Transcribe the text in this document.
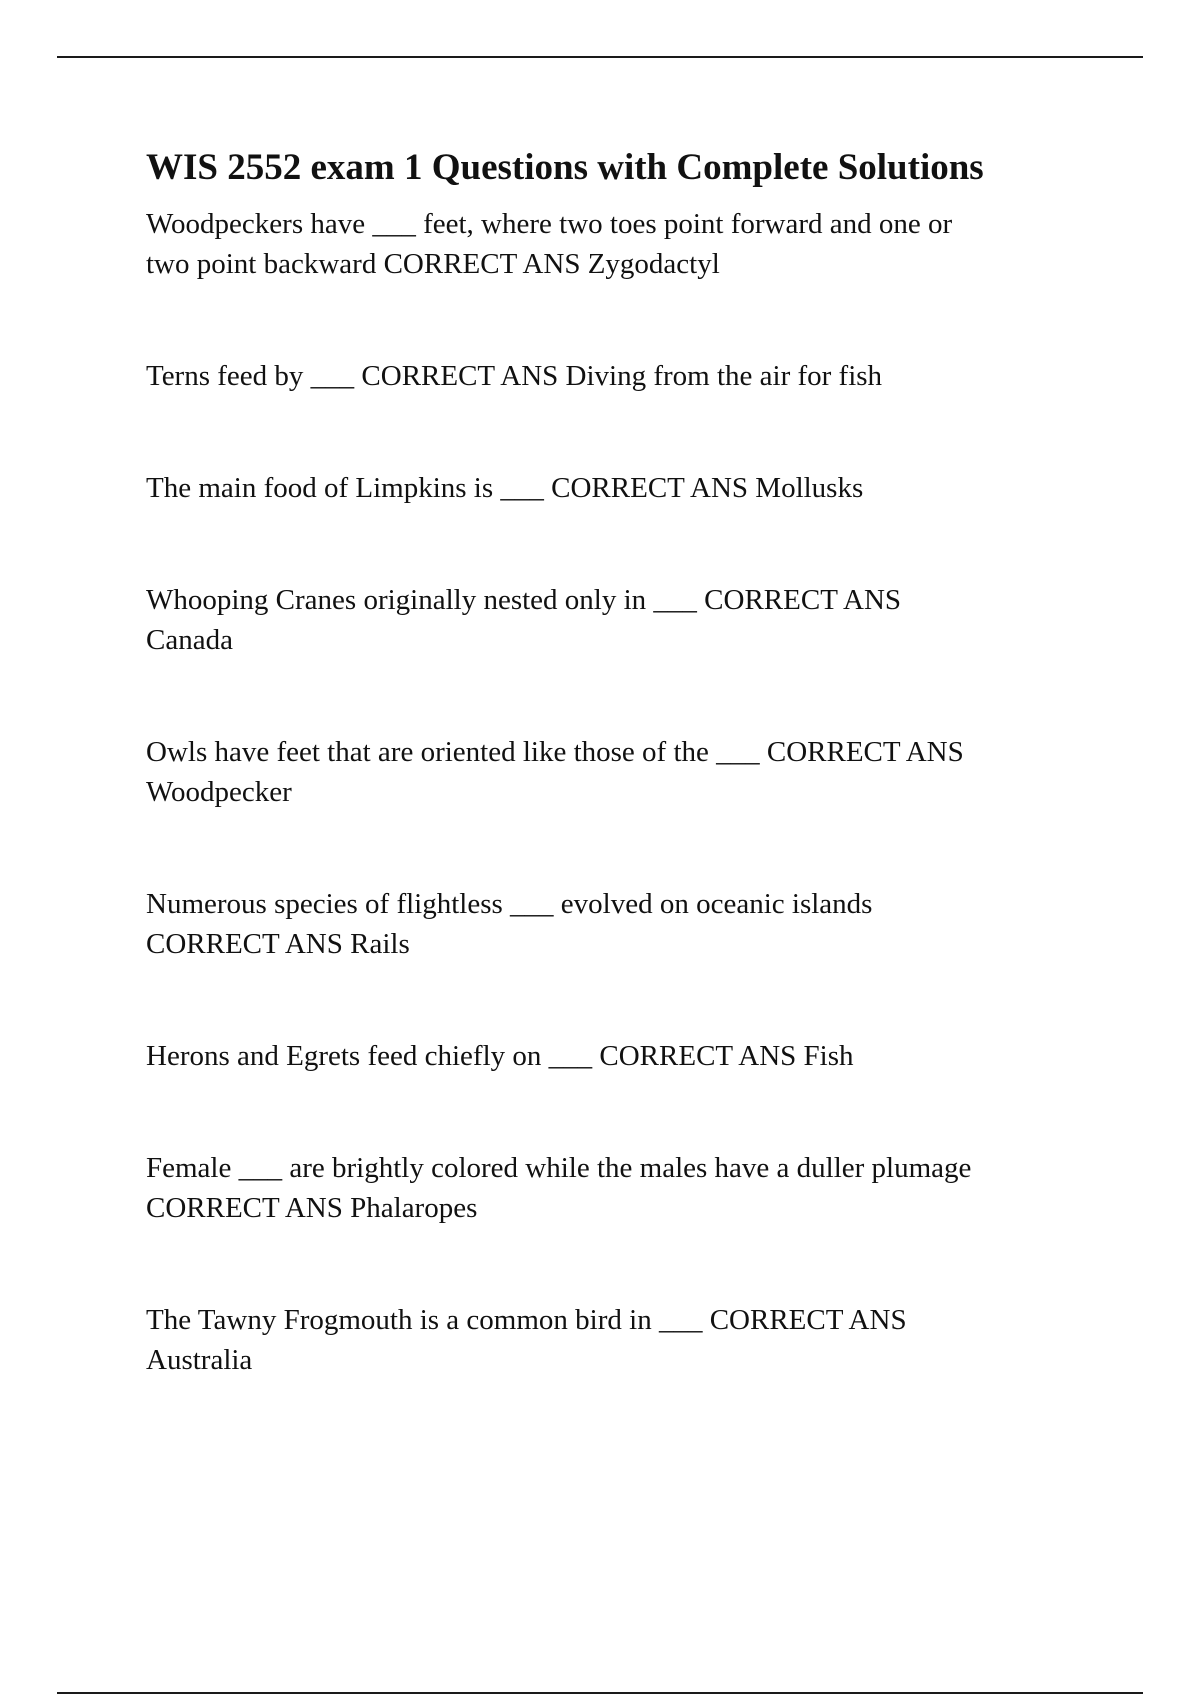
WIS 2552 exam 1 Questions with Complete Solutions
Woodpeckers have ___ feet, where two toes point forward and one or
two point backward CORRECT ANS Zygodactyl
Terns feed by ___ CORRECT ANS Diving from the air for fish
The main food of Limpkins is ___ CORRECT ANS Mollusks
Whooping Cranes originally nested only in ___ CORRECT ANS
Canada
Owls have feet that are oriented like those of the ___ CORRECT ANS
Woodpecker
Numerous species of flightless ___ evolved on oceanic islands
CORRECT ANS Rails
Herons and Egrets feed chiefly on ___ CORRECT ANS Fish
Female ___ are brightly colored while the males have a duller plumage
CORRECT ANS Phalaropes
The Tawny Frogmouth is a common bird in ___ CORRECT ANS
Australia
